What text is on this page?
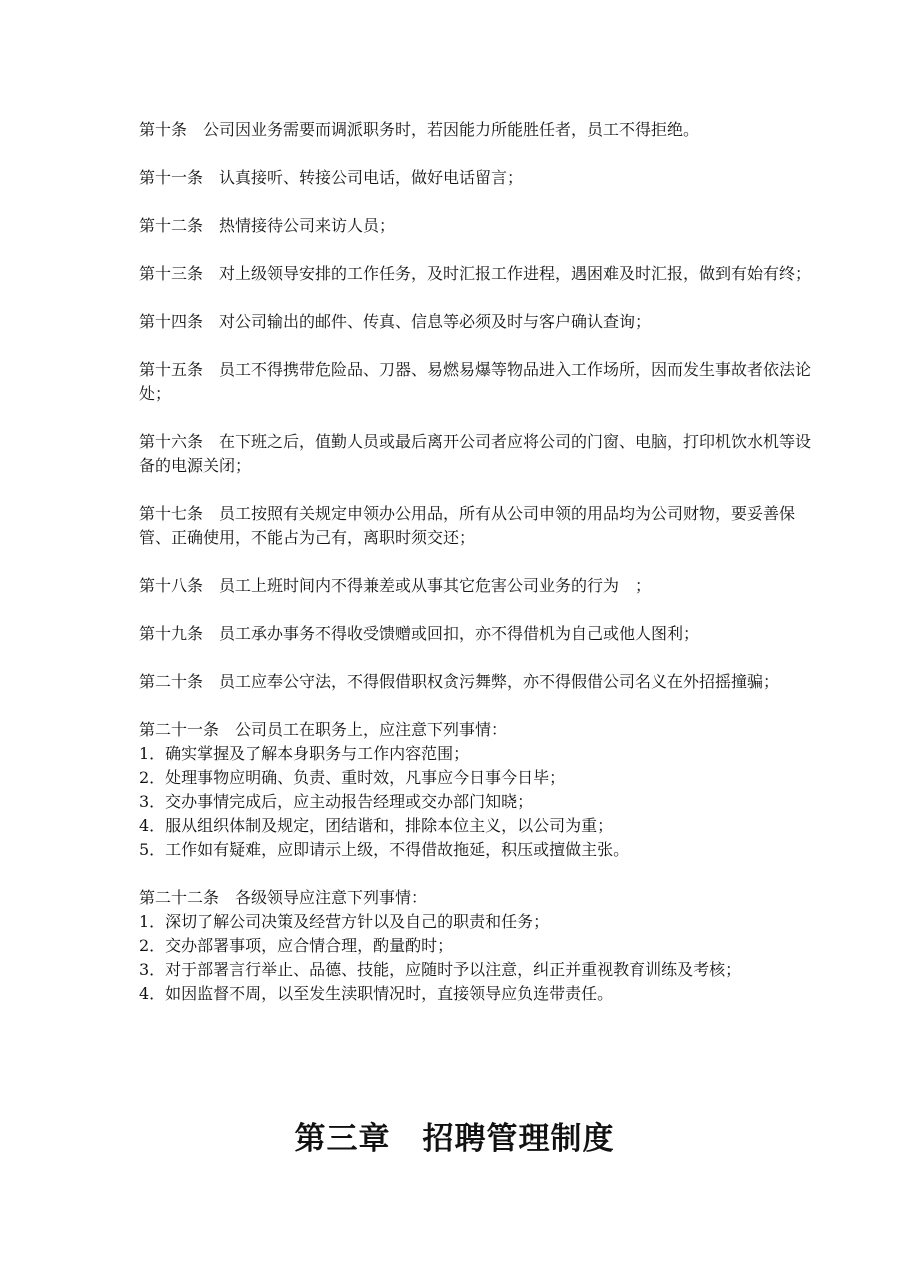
第十条　公司因业务需要而调派职务时，若因能力所能胜任者，员工不得拒绝。

第十一条　认真接听、转接公司电话，做好电话留言；

第十二条　热情接待公司来访人员；

第十三条　对上级领导安排的工作任务，及时汇报工作进程，遇困难及时汇报，做到有始有终；

第十四条　对公司输出的邮件、传真、信息等必须及时与客户确认查询；

第十五条　员工不得携带危险品、刀器、易燃易爆等物品进入工作场所，因而发生事故者依法论处；

第十六条　在下班之后，值勤人员或最后离开公司者应将公司的门窗、电脑，打印机饮水机等设备的电源关闭；

第十七条　员工按照有关规定申领办公用品，所有从公司申领的用品均为公司财物，要妥善保管、正确使用，不能占为己有，离职时须交还；

第十八条　员工上班时间内不得兼差或从事其它危害公司业务的行为　；

第十九条　员工承办事务不得收受馈赠或回扣，亦不得借机为自己或他人图利；

第二十条　员工应奉公守法，不得假借职权贪污舞弊，亦不得假借公司名义在外招摇撞骗；

第二十一条　公司员工在职务上，应注意下列事情：
1．确实掌握及了解本身职务与工作内容范围；
2．处理事物应明确、负责、重时效，凡事应今日事今日毕；
3．交办事情完成后，应主动报告经理或交办部门知晓；
4．服从组织体制及规定，团结谐和，排除本位主义，以公司为重；
5．工作如有疑难，应即请示上级，不得借故拖延，积压或擅做主张。
第二十二条　各级领导应注意下列事情：
1．深切了解公司决策及经营方针以及自己的职责和任务；
2．交办部署事项，应合情合理，酌量酌时；
3．对于部署言行举止、品德、技能，应随时予以注意，纠正并重视教育训练及考核；
4．如因监督不周，以至发生渎职情况时，直接领导应负连带责任。
第三章　招聘管理制度
